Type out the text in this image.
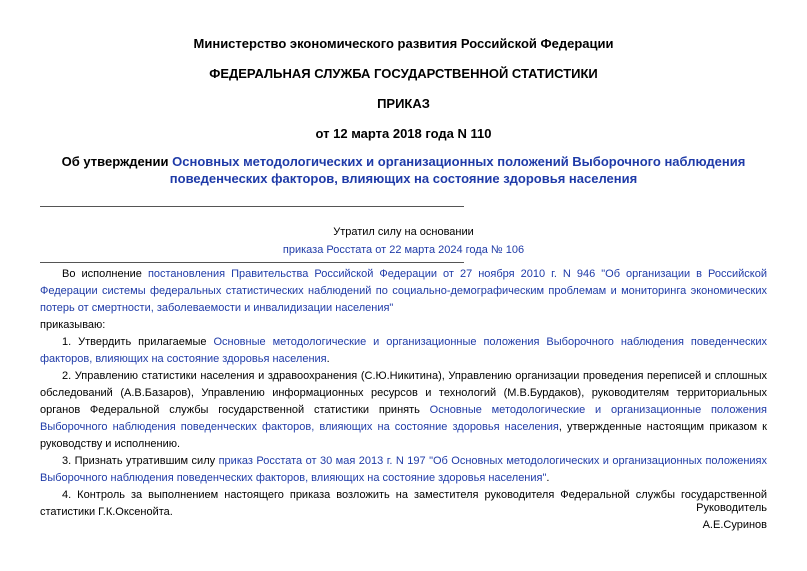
Министерство экономического развития Российской Федерации
ФЕДЕРАЛЬНАЯ СЛУЖБА ГОСУДАРСТВЕННОЙ СТАТИСТИКИ
ПРИКАЗ
от 12 марта 2018 года N 110
Об утверждении Основных методологических и организационных положений Выборочного наблюдения поведенческих факторов, влияющих на состояние здоровья населения
Утратил силу на основании
приказа Росстата от 22 марта 2024 года № 106
Во исполнение постановления Правительства Российской Федерации от 27 ноября 2010 г. N 946 "Об организации в Российской Федерации системы федеральных статистических наблюдений по социально-демографическим проблемам и мониторинга экономических потерь от смертности, заболеваемости и инвалидизации населения"
приказываю:
1. Утвердить прилагаемые Основные методологические и организационные положения Выборочного наблюдения поведенческих факторов, влияющих на состояние здоровья населения.
2. Управлению статистики населения и здравоохранения (С.Ю.Никитина), Управлению организации проведения переписей и сплошных обследований (А.В.Базаров), Управлению информационных ресурсов и технологий (М.В.Бурдаков), руководителям территориальных органов Федеральной службы государственной статистики принять Основные методологические и организационные положения Выборочного наблюдения поведенческих факторов, влияющих на состояние здоровья населения, утвержденные настоящим приказом к руководству и исполнению.
3. Признать утратившим силу приказ Росстата от 30 мая 2013 г. N 197 "Об Основных методологических и организационных положениях Выборочного наблюдения поведенческих факторов, влияющих на состояние здоровья населения".
4. Контроль за выполнением настоящего приказа возложить на заместителя руководителя Федеральной службы государственной статистики Г.К.Оксенойта.	Руководитель
А.Е.Суринов
